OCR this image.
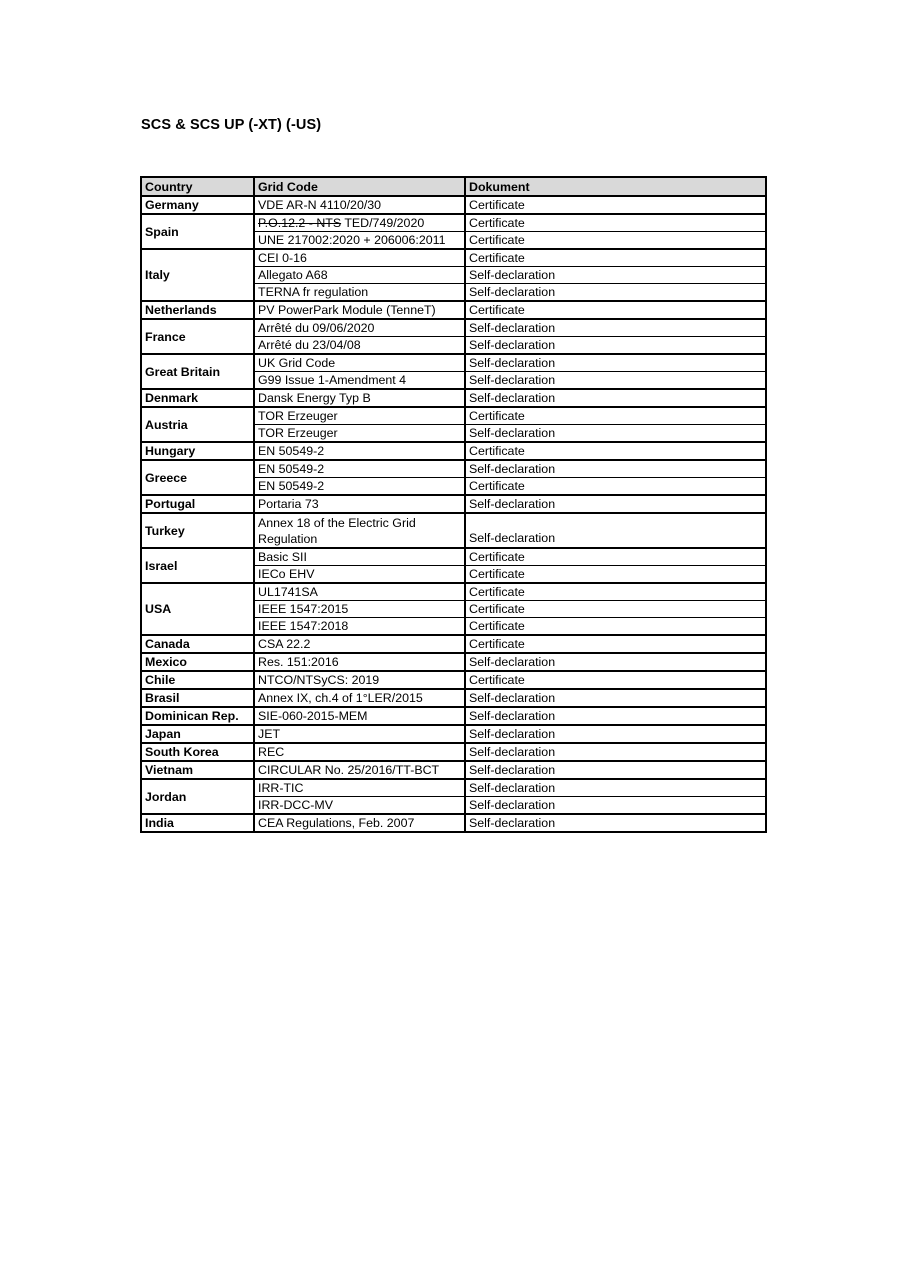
SCS & SCS UP (-XT) (-US)
Country	Grid Code	Dokument
Germany	VDE AR-N 4110/20/30	Certificate
Spain	P.O.12.2 - NTS TED/749/2020	Certificate
	UNE 217002:2020 + 206006:2011	Certificate
Italy	CEI 0-16	Certificate
	Allegato A68	Self-declaration
	TERNA fr regulation	Self-declaration
Netherlands	PV PowerPark Module (TenneT)	Certificate
France	Arrêté du 09/06/2020	Self-declaration
	Arrêté du 23/04/08	Self-declaration
Great Britain	UK Grid Code	Self-declaration
	G99 Issue 1-Amendment 4	Self-declaration
Denmark	Dansk Energy Typ B	Self-declaration
Austria	TOR Erzeuger	Certificate
	TOR Erzeuger	Self-declaration
Hungary	EN 50549-2	Certificate
Greece	EN 50549-2	Self-declaration
	EN 50549-2	Certificate
Portugal	Portaria 73	Self-declaration
Turkey	Annex 18 of the Electric Grid Regulation	Self-declaration
Israel	Basic SII	Certificate
	IECo EHV	Certificate
USA	UL1741SA	Certificate
	IEEE 1547:2015	Certificate
	IEEE 1547:2018	Certificate
Canada	CSA 22.2	Certificate
Mexico	Res. 151:2016	Self-declaration
Chile	NTCO/NTSyCS: 2019	Certificate
Brasil	Annex IX, ch.4 of 1°LER/2015	Self-declaration
Dominican Rep.	SIE-060-2015-MEM	Self-declaration
Japan	JET	Self-declaration
South Korea	REC	Self-declaration
Vietnam	CIRCULAR No. 25/2016/TT-BCT	Self-declaration
Jordan	IRR-TIC	Self-declaration
	IRR-DCC-MV	Self-declaration
India	CEA Regulations, Feb. 2007	Self-declaration
